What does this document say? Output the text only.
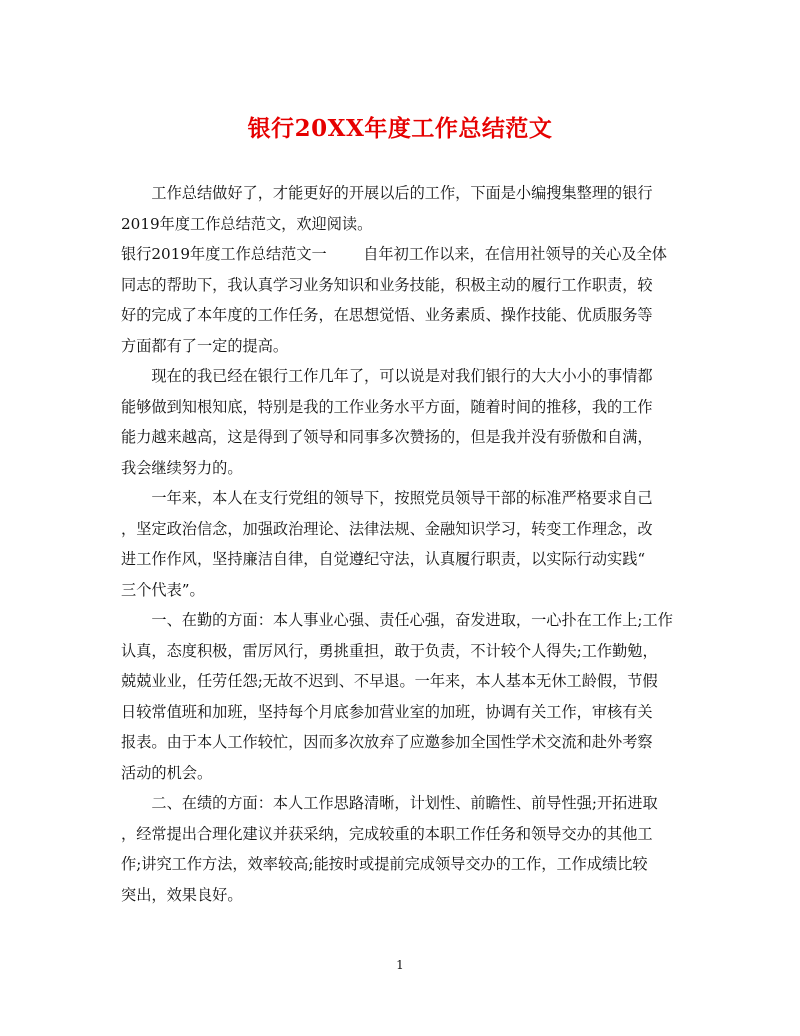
银行20XX年度工作总结范文

工作总结做好了，才能更好的开展以后的工作，下面是小编搜集整理的银行
2019年度工作总结范文，欢迎阅读。

银行2019年度工作总结范文一 自年初工作以来，在信用社领导的关心及全体
同志的帮助下，我认真学习业务知识和业务技能，积极主动的履行工作职责，较
好的完成了本年度的工作任务，在思想觉悟、业务素质、操作技能、优质服务等
方面都有了一定的提高。

现在的我已经在银行工作几年了，可以说是对我们银行的大大小小的事情都
能够做到知根知底，特别是我的工作业务水平方面，随着时间的推移，我的工作
能力越来越高，这是得到了领导和同事多次赞扬的，但是我并没有骄傲和自满，
我会继续努力的。

一年来，本人在支行党组的领导下，按照党员领导干部的标准严格要求自己
，坚定政治信念，加强政治理论、法律法规、金融知识学习，转变工作理念，改
进工作作风，坚持廉洁自律，自觉遵纪守法，认真履行职责，以实际行动实践“
三个代表”。

一、在勤的方面：本人事业心强、责任心强，奋发进取，一心扑在工作上;工作
认真，态度积极，雷厉风行，勇挑重担，敢于负责，不计较个人得失;工作勤勉，
兢兢业业，任劳任怨;无故不迟到、不早退。一年来，本人基本无休工龄假，节假
日较常值班和加班，坚持每个月底参加营业室的加班，协调有关工作，审核有关
报表。由于本人工作较忙，因而多次放弃了应邀参加全国性学术交流和赴外考察
活动的机会。

二、在绩的方面：本人工作思路清晰，计划性、前瞻性、前导性强;开拓进取
，经常提出合理化建议并获采纳，完成较重的本职工作任务和领导交办的其他工
作;讲究工作方法，效率较高;能按时或提前完成领导交办的工作，工作成绩比较
突出，效果良好。

1
